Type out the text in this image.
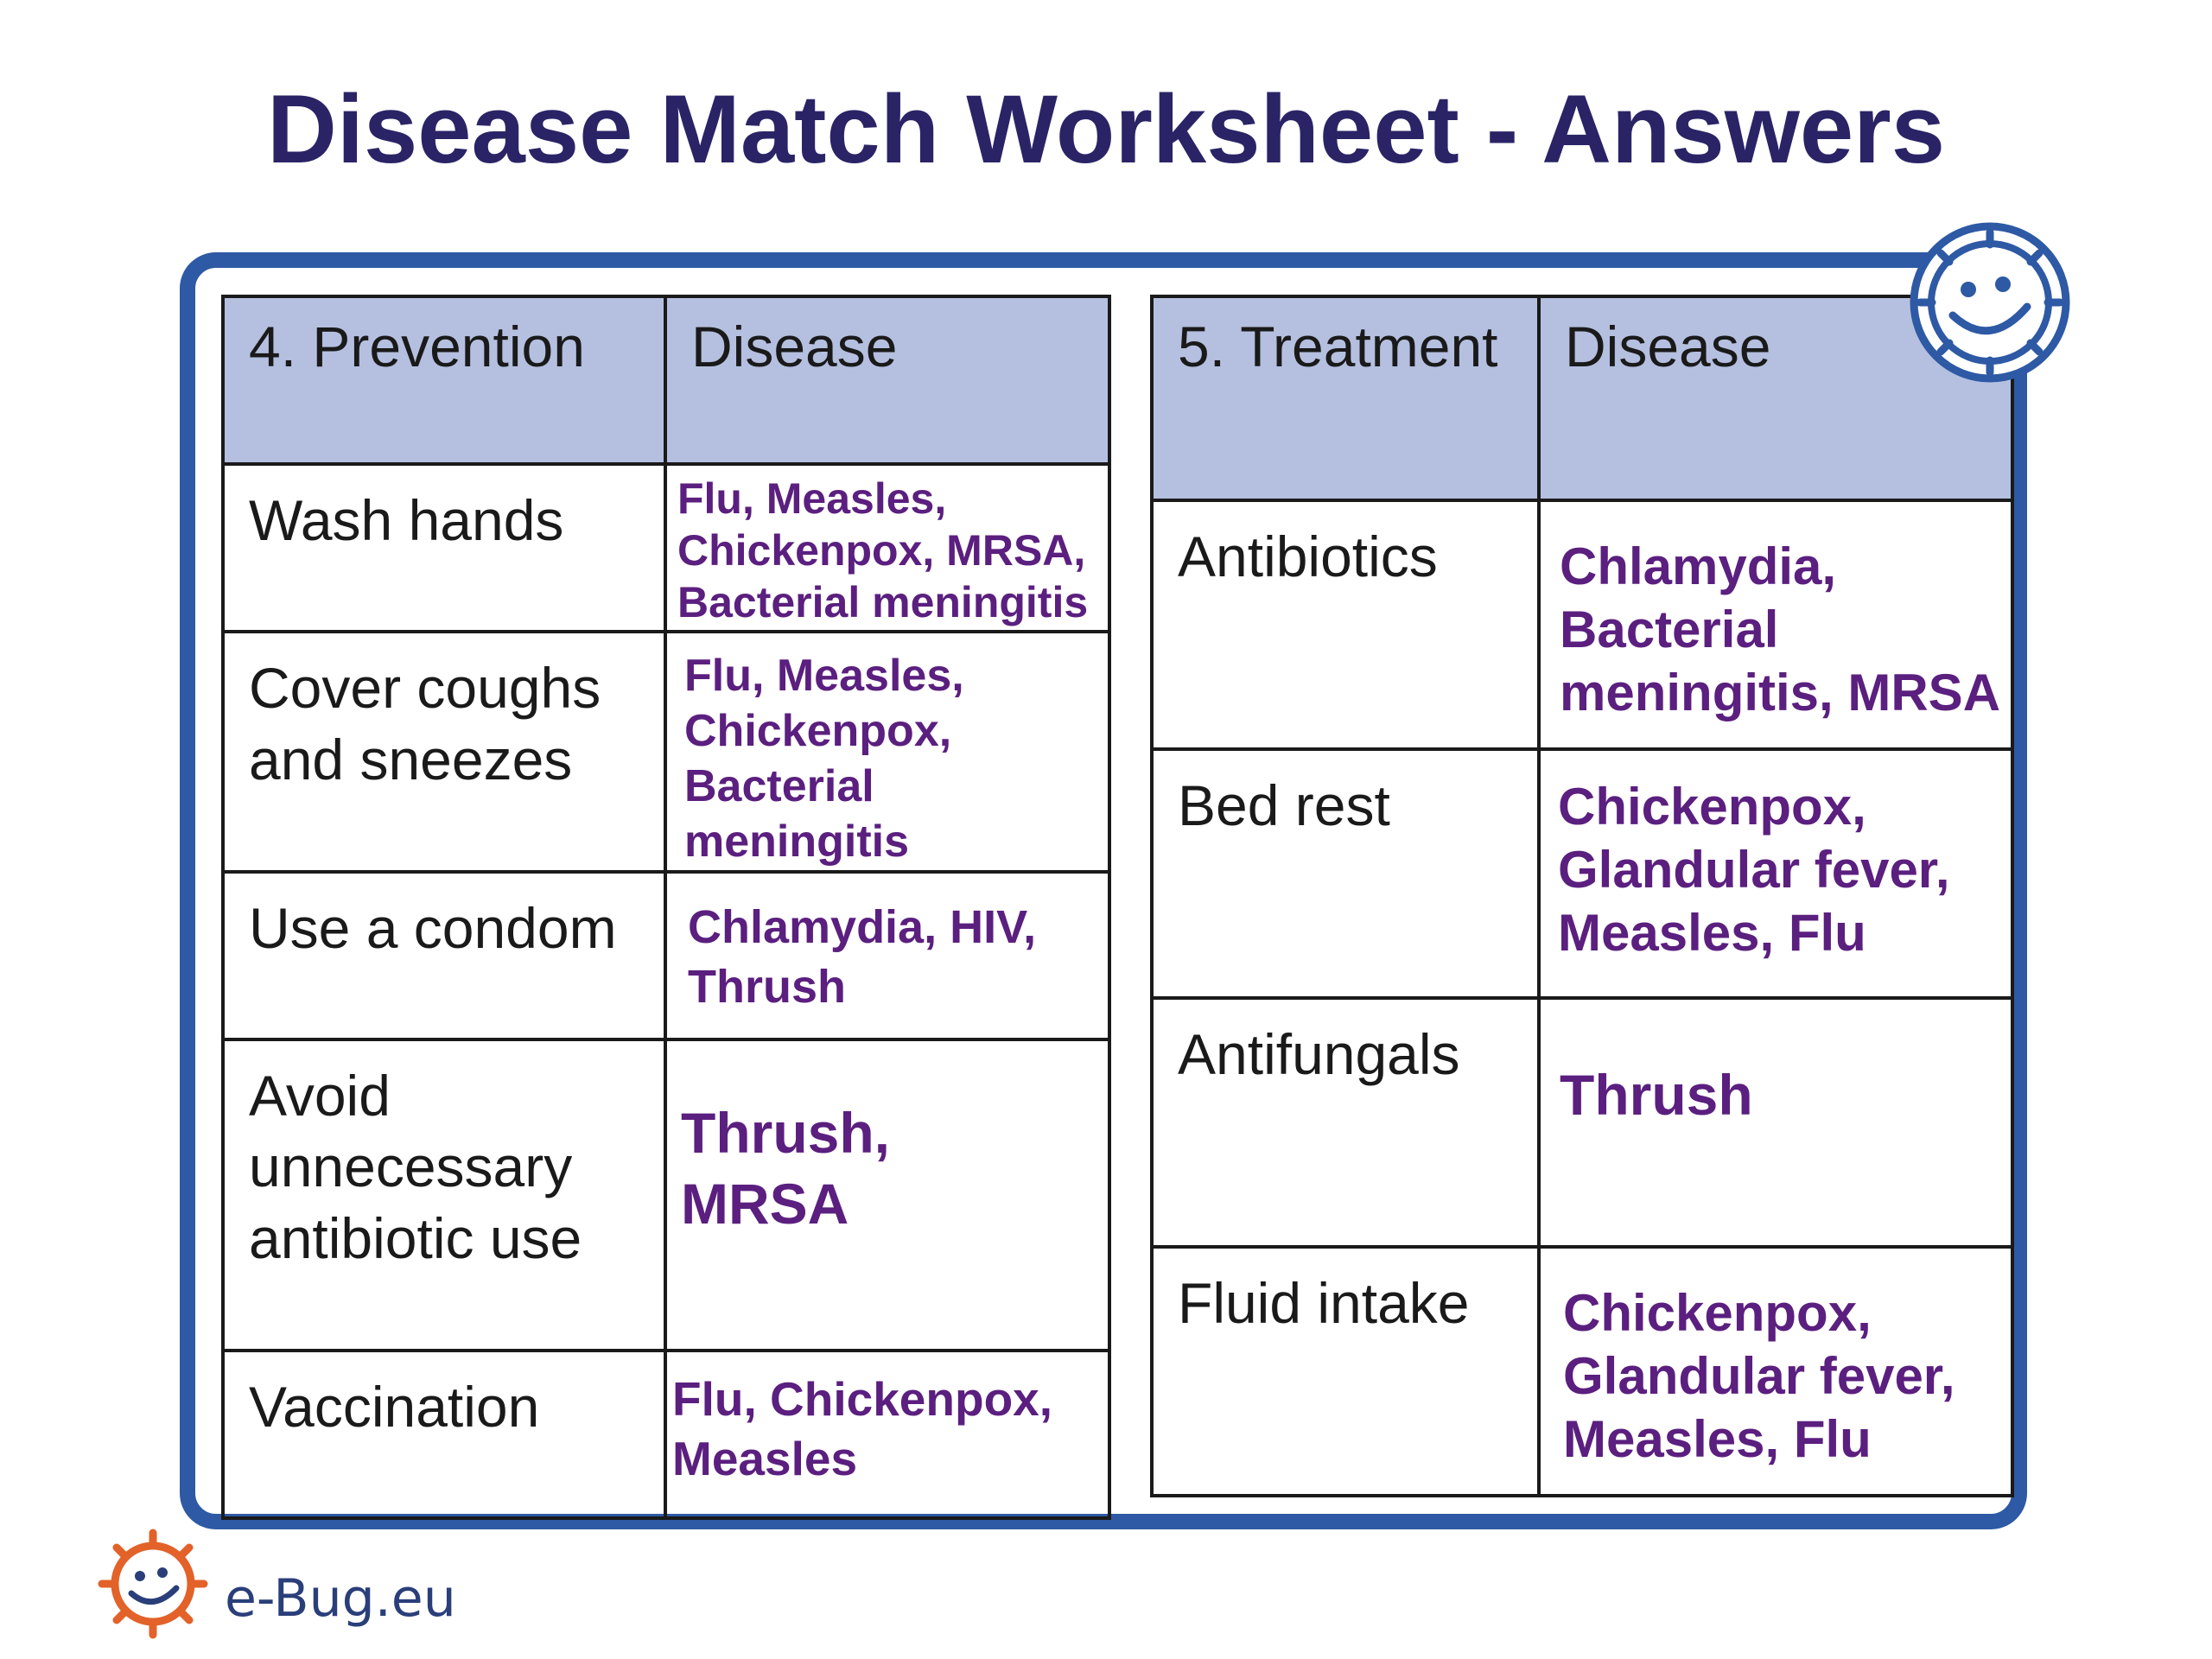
Disease Match Worksheet - Answers
4. Prevention	Disease

Wash hands	Flu, Measles,
Chickenpox, MRSA,
Bacterial meningitis

Cover coughs and sneezes	Flu, Measles,
Chickenpox,
Bacterial
meningitis

Use a condom	Chlamydia, HIV,
Thrush

Avoid unnecessary antibiotic use	Thrush,
MRSA

Vaccination	Flu, Chickenpox,
Measles
5. Treatment	Disease

Antibiotics	Chlamydia,
Bacterial
meningitis, MRSA

Bed rest	Chickenpox,
Glandular fever,
Measles, Flu

Antifungals	Thrush

Fluid intake	Chickenpox,
Glandular fever,
Measles, Flu
e-Bug.eu
